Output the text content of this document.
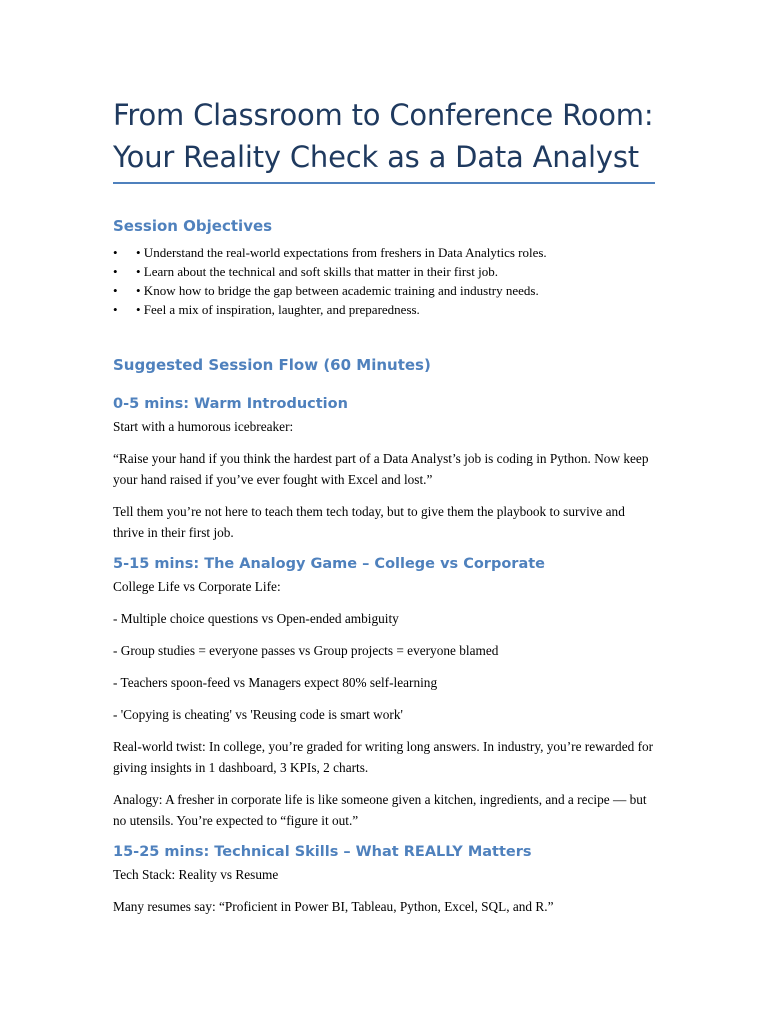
From Classroom to Conference Room:
Your Reality Check as a Data Analyst
Session Objectives
• • Understand the real-world expectations from freshers in Data Analytics roles.
• • Learn about the technical and soft skills that matter in their first job.
• • Know how to bridge the gap between academic training and industry needs.
• • Feel a mix of inspiration, laughter, and preparedness.
Suggested Session Flow (60 Minutes)
0-5 mins: Warm Introduction

Start with a humorous icebreaker:

“Raise your hand if you think the hardest part of a Data Analyst’s job is coding in Python. Now keep your hand raised if you’ve ever fought with Excel and lost.”

Tell them you’re not here to teach them tech today, but to give them the playbook to survive and thrive in their first job.

5-15 mins: The Analogy Game – College vs Corporate

College Life vs Corporate Life:

- Multiple choice questions vs Open-ended ambiguity

- Group studies = everyone passes vs Group projects = everyone blamed

- Teachers spoon-feed vs Managers expect 80% self-learning

- 'Copying is cheating' vs 'Reusing code is smart work'

Real-world twist: In college, you’re graded for writing long answers. In industry, you’re rewarded for giving insights in 1 dashboard, 3 KPIs, 2 charts.

Analogy: A fresher in corporate life is like someone given a kitchen, ingredients, and a recipe — but no utensils. You’re expected to “figure it out.”

15-25 mins: Technical Skills – What REALLY Matters

Tech Stack: Reality vs Resume

Many resumes say: “Proficient in Power BI, Tableau, Python, Excel, SQL, and R.”
